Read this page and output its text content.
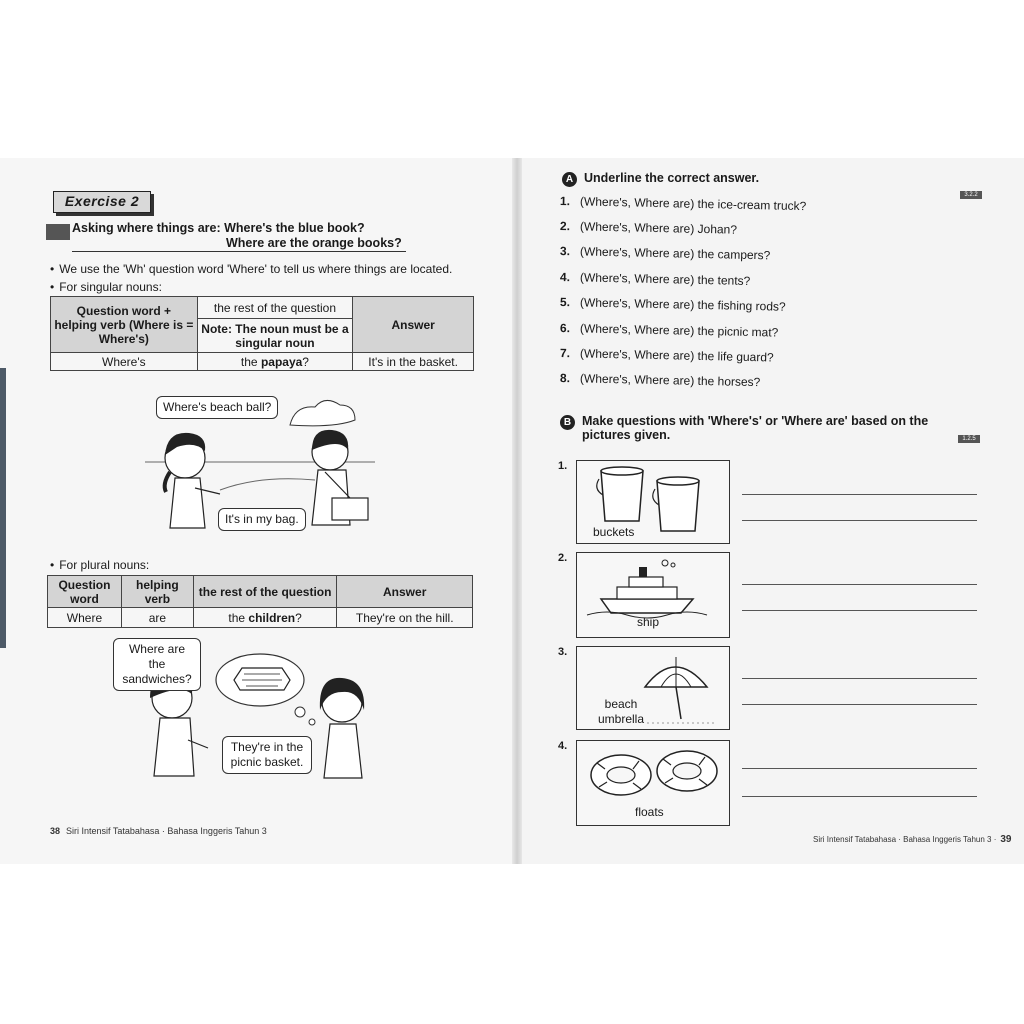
Exercise 2
Asking where things are: Where's the blue book?
Where are the orange books?
• We use the 'Wh' question word 'Where' to tell us where things are located.
• For singular nouns:
Question word + helping verb (Where is = Where's)	the rest of the question	Answer
	Note: The noun must be a singular noun	
Where's	the papaya?	It's in the basket.
Where's beach ball?
It's in my bag.
• For plural nouns:
Question word	helping verb	the rest of the question	Answer
Where	are	the children?	They're on the hill.
Where are the sandwiches?
They're in the picnic basket.
38 Siri Intensif Tatabahasa · Bahasa Inggeris Tahun 3
A Underline the correct answer.
3.2.2
1. (Where's, Where are) the ice-cream truck?
2. (Where's, Where are) Johan?
3. (Where's, Where are) the campers?
4. (Where's, Where are) the tents?
5. (Where's, Where are) the fishing rods?
6. (Where's, Where are) the picnic mat?
7. (Where's, Where are) the life guard?
8. (Where's, Where are) the horses?
B Make questions with 'Where's' or 'Where are' based on the
pictures given.	1.2.5
1.
buckets
2.
ship
3.
beach umbrella
4.
floats
Siri Intensif Tatabahasa · Bahasa Inggeris Tahun 3 · 39
